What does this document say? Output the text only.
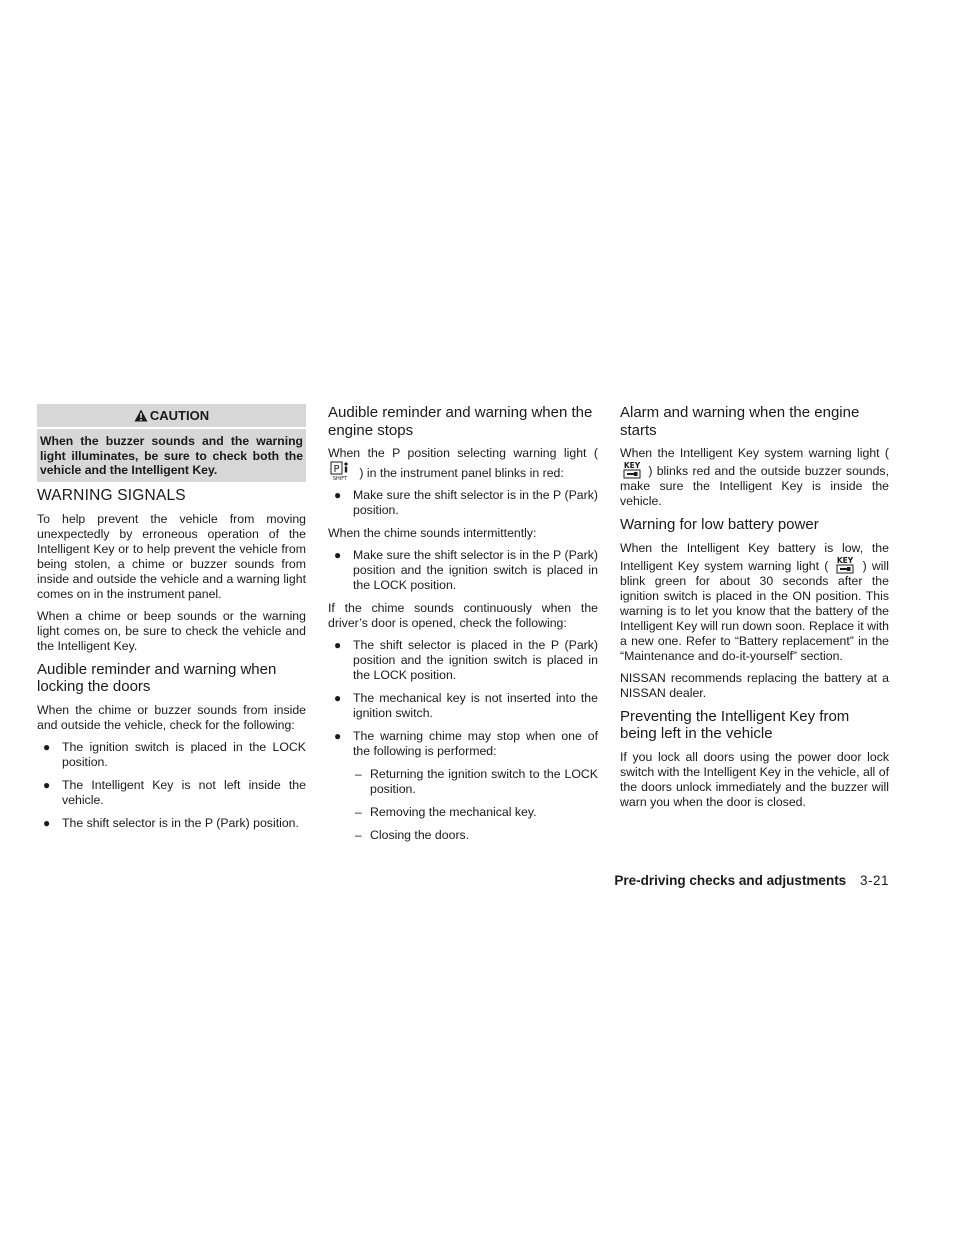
CAUTION
When the buzzer sounds and the warning light illuminates, be sure to check both the vehicle and the Intelligent Key.
WARNING SIGNALS

To help prevent the vehicle from moving unexpectedly by erroneous operation of the Intelligent Key or to help prevent the vehicle from being stolen, a chime or buzzer sounds from inside and outside the vehicle and a warning light comes on in the instrument panel.

When a chime or beep sounds or the warning light comes on, be sure to check the vehicle and the Intelligent Key.

Audible reminder and warning when locking the doors

When the chime or buzzer sounds from inside and outside the vehicle, check for the following:

● The ignition switch is placed in the LOCK position.
● The Intelligent Key is not left inside the vehicle.
● The shift selector is in the P (Park) position.
Audible reminder and warning when the engine stops

When the P position selecting warning light (
P
SHIFT ) in the instrument panel blinks in red:

● Make sure the shift selector is in the P (Park) position.

When the chime sounds intermittently:

● Make sure the shift selector is in the P (Park) position and the ignition switch is placed in the LOCK position.

If the chime sounds continuously when the driver’s door is opened, check the following:

● The shift selector is placed in the P (Park) position and the ignition switch is placed in the LOCK position.
● The mechanical key is not inserted into the ignition switch.
● The warning chime may stop when one of the following is performed:
– Returning the ignition switch to the LOCK position.
– Removing the mechanical key.
– Closing the doors.
Alarm and warning when the engine starts

When the Intelligent Key system warning light (
KEY ) blinks red and the outside buzzer sounds, make sure the Intelligent Key is inside the vehicle.

Warning for low battery power

When the Intelligent Key battery is low, the Intelligent Key system warning light ( KEY ) will blink green for about 30 seconds after the ignition switch is placed in the ON position. This warning is to let you know that the battery of the Intelligent Key will run down soon. Replace it with a new one. Refer to “Battery replacement” in the “Maintenance and do-it-yourself” section.

NISSAN recommends replacing the battery at a NISSAN dealer.

Preventing the Intelligent Key from being left in the vehicle

If you lock all doors using the power door lock switch with the Intelligent Key in the vehicle, all of the doors unlock immediately and the buzzer will warn you when the door is closed.

Pre-driving checks and adjustments 3-21
